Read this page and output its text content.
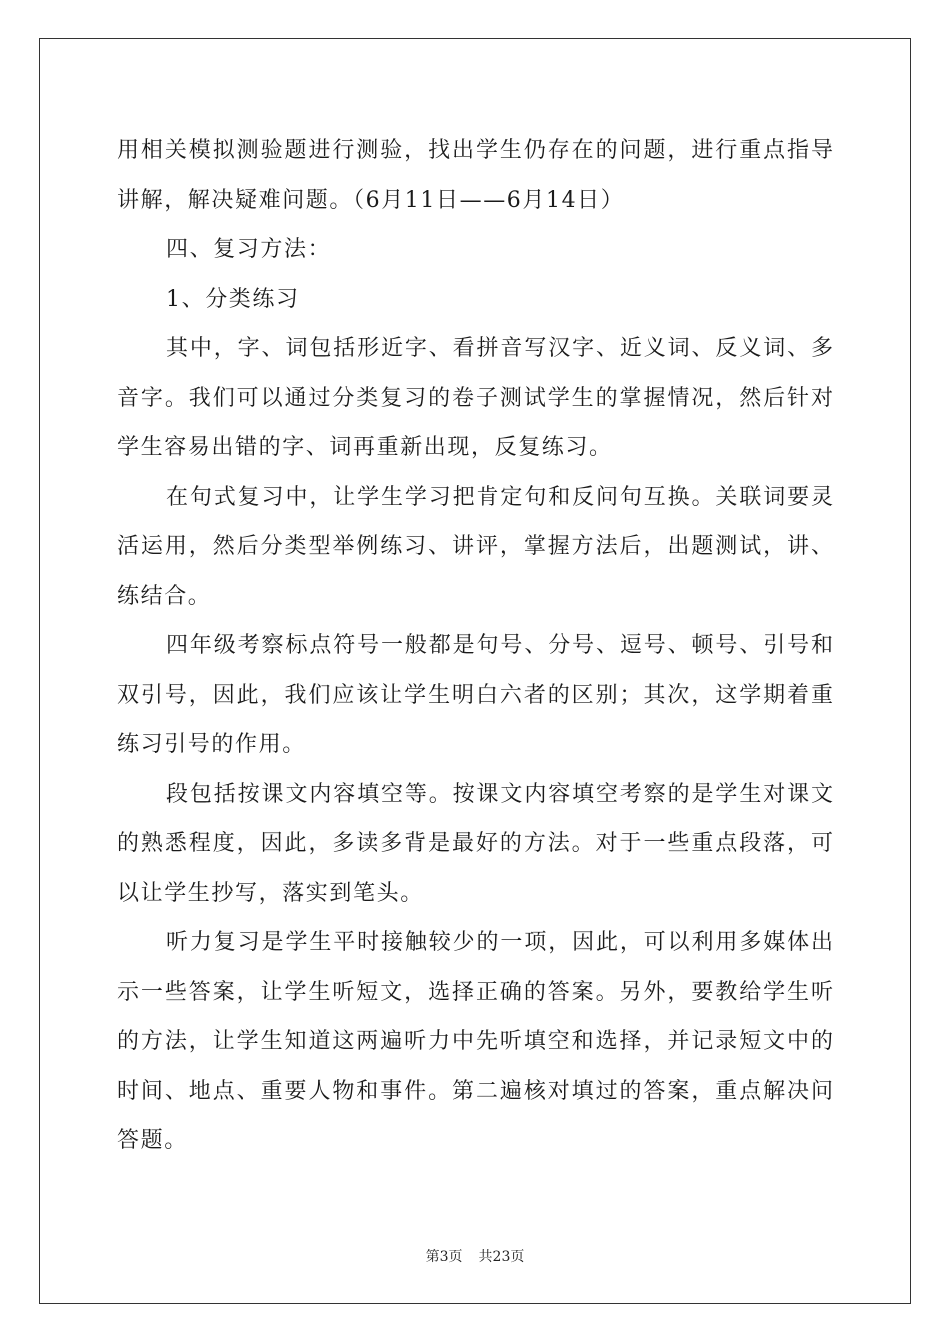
用相关模拟测验题进行测验，找出学生仍存在的问题，进行重点指导
讲解，解决疑难问题。（6月11日——6月14日）
四、复习方法：
1、分类练习
其中，字、词包括形近字、看拼音写汉字、近义词、反义词、多
音字。我们可以通过分类复习的卷子测试学生的掌握情况，然后针对
学生容易出错的字、词再重新出现，反复练习。
在句式复习中，让学生学习把肯定句和反问句互换。关联词要灵
活运用，然后分类型举例练习、讲评，掌握方法后，出题测试，讲、
练结合。
四年级考察标点符号一般都是句号、分号、逗号、顿号、引号和
双引号，因此，我们应该让学生明白六者的区别；其次，这学期着重
练习引号的作用。
段包括按课文内容填空等。按课文内容填空考察的是学生对课文
的熟悉程度，因此，多读多背是最好的方法。对于一些重点段落，可
以让学生抄写，落实到笔头。
听力复习是学生平时接触较少的一项，因此，可以利用多媒体出
示一些答案，让学生听短文，选择正确的答案。另外，要教给学生听
的方法，让学生知道这两遍听力中先听填空和选择，并记录短文中的
时间、地点、重要人物和事件。第二遍核对填过的答案，重点解决问
答题。
第3页 共23页
